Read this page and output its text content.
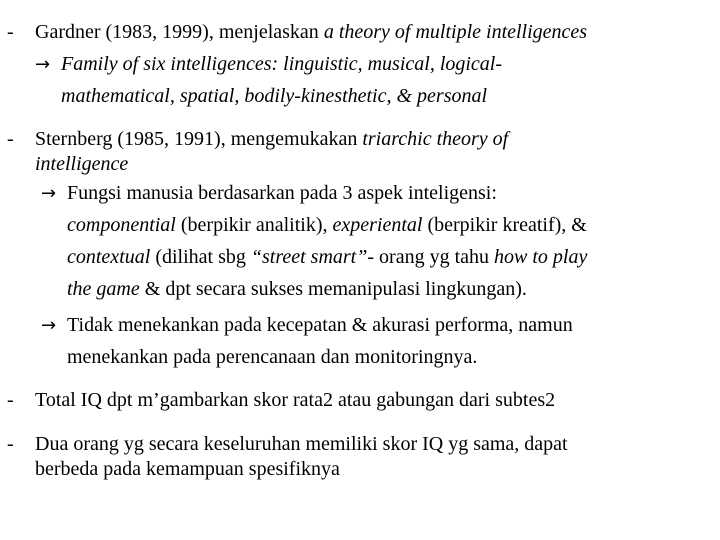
- Gardner (1983, 1999), menjelaskan a theory of multiple intelligences
→ Family of six intelligences: linguistic, musical, logical-
mathematical, spatial, bodily-kinesthetic, & personal
- Sternberg (1985, 1991), mengemukakan triarchic theory of
intelligence
→ Fungsi manusia berdasarkan pada 3 aspek inteligensi:
componential (berpikir analitik), experiental (berpikir kreatif), &
contextual (dilihat sbg “street smart”- orang yg tahu how to play
the game & dpt secara sukses memanipulasi lingkungan).
→ Tidak menekankan pada kecepatan & akurasi performa, namun
menekankan pada perencanaan dan monitoringnya.
- Total IQ dpt m’gambarkan skor rata2 atau gabungan dari subtes2
- Dua orang yg secara keseluruhan memiliki skor IQ yg sama, dapat
berbeda pada kemampuan spesifiknya
